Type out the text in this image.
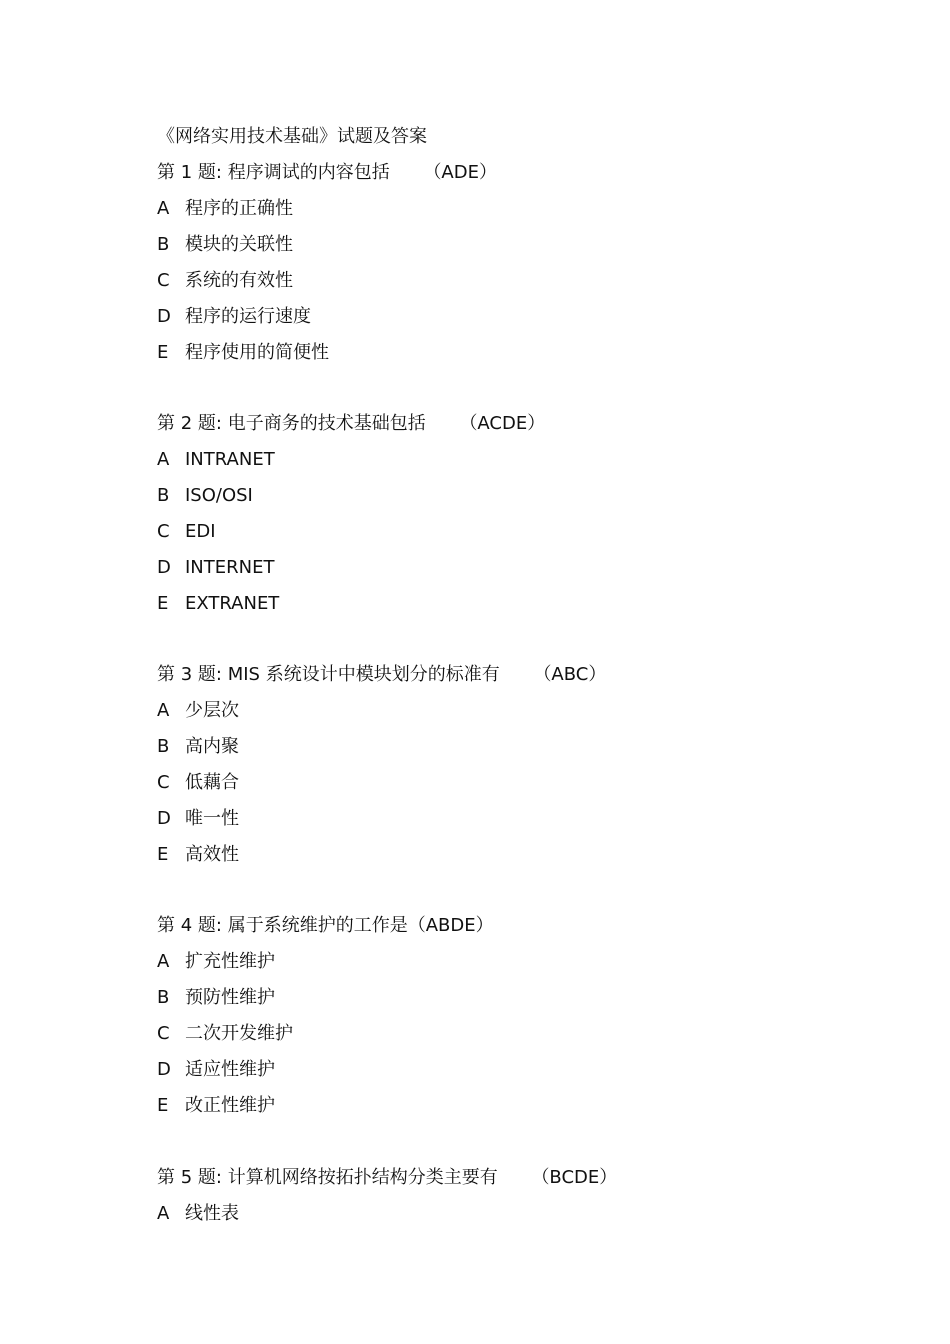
《网络实用技术基础》试题及答案
第 1 题: 程序调试的内容包括 （ADE）
A 程序的正确性
B 模块的关联性
C 系统的有效性
D 程序的运行速度
E 程序使用的简便性
第 2 题: 电子商务的技术基础包括 （ACDE）
A INTRANET
B ISO/OSI
C EDI
D INTERNET
E EXTRANET
第 3 题: MIS 系统设计中模块划分的标准有 （ABC）
A 少层次
B 高内聚
C 低藕合
D 唯一性
E 高效性
第 4 题: 属于系统维护的工作是（ABDE）
A 扩充性维护
B 预防性维护
C 二次开发维护
D 适应性维护
E 改正性维护
第 5 题: 计算机网络按拓扑结构分类主要有 （BCDE）
A 线性表
